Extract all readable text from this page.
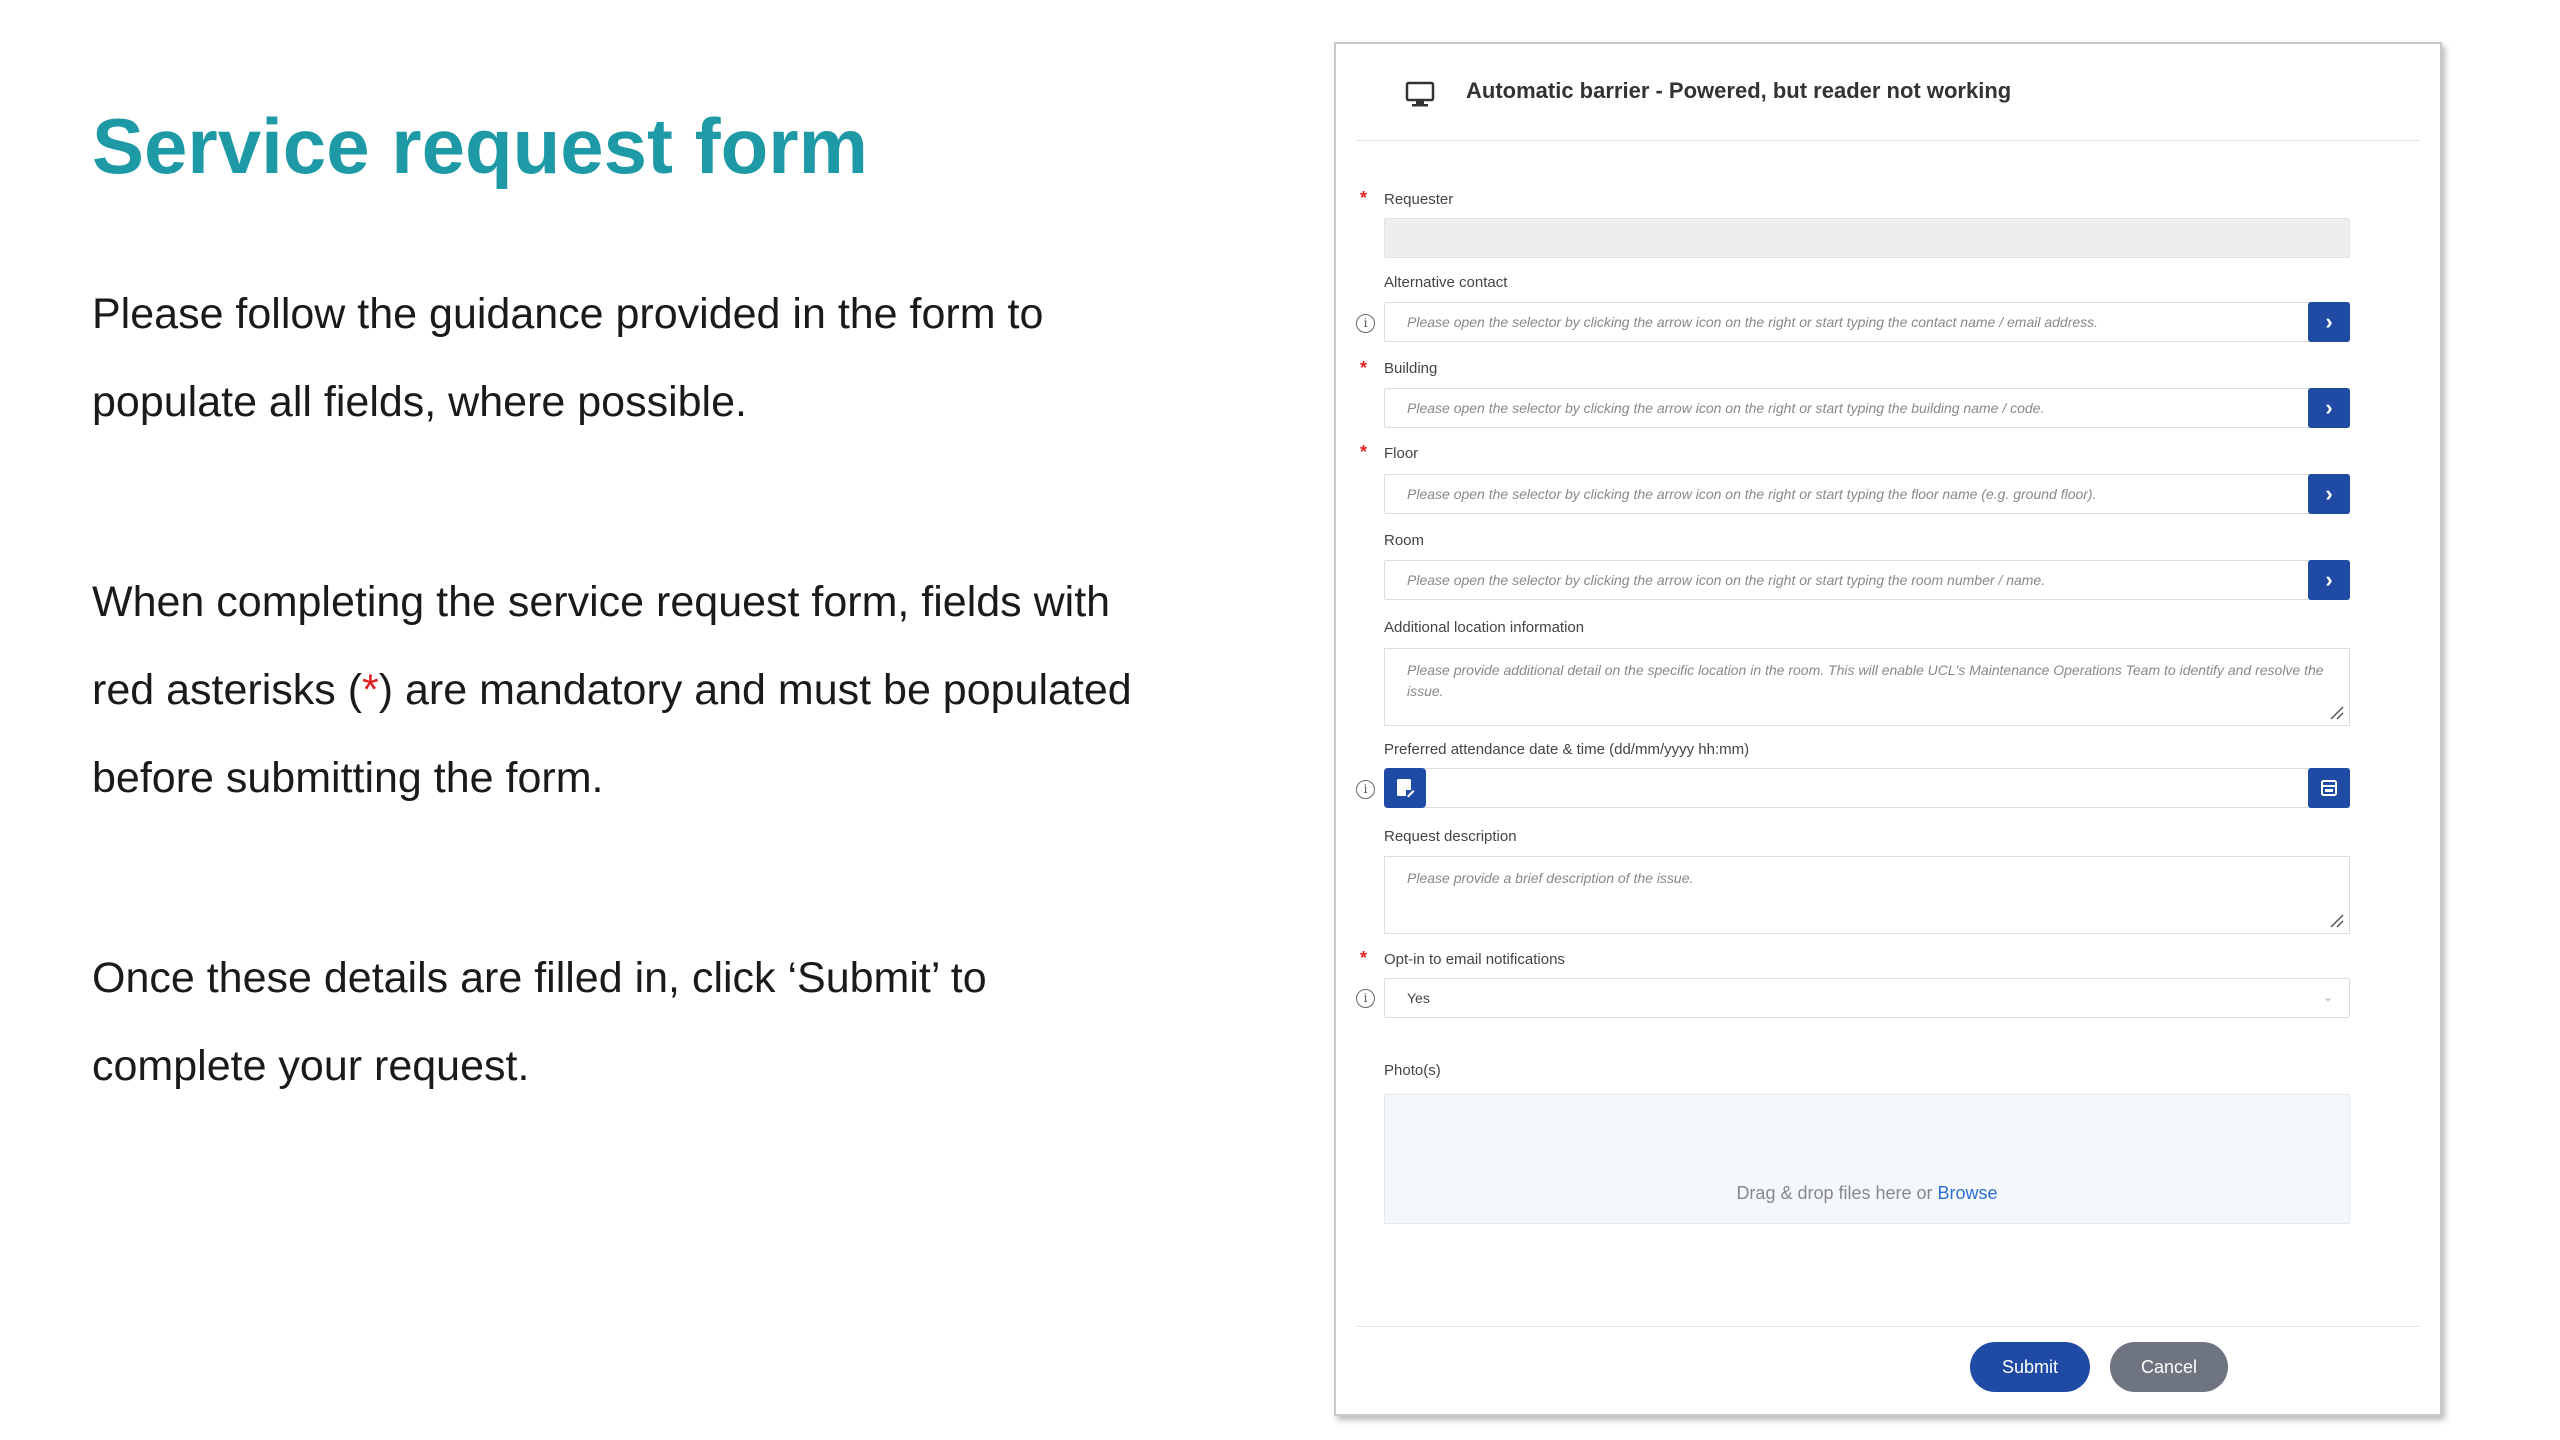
Service request form

Please follow the guidance provided in the form to populate all fields, where possible.

When completing the service request form, fields with red asterisks (*) are mandatory and must be populated before submitting the form.

Once these details are filled in, click ‘Submit’ to complete your request.

Automatic barrier - Powered, but reader not working
* Requester
Alternative contact
i	Please open the selector by clicking the arrow icon on the right or start typing the contact name / email address.	›
* Building
Please open the selector by clicking the arrow icon on the right or start typing the building name / code.	›
* Floor
Please open the selector by clicking the arrow icon on the right or start typing the floor name (e.g. ground floor).	›
Room
Please open the selector by clicking the arrow icon on the right or start typing the room number / name.	›
Additional location information
Please provide additional detail on the specific location in the room. This will enable UCL's Maintenance Operations Team to identify and resolve the issue.
Preferred attendance date & time (dd/mm/yyyy hh:mm)
i
Request description
Please provide a brief description of the issue.
* Opt-in to email notifications
i	Yes	⌄
Photo(s)
Drag & drop files here or Browse
Submit	Cancel
